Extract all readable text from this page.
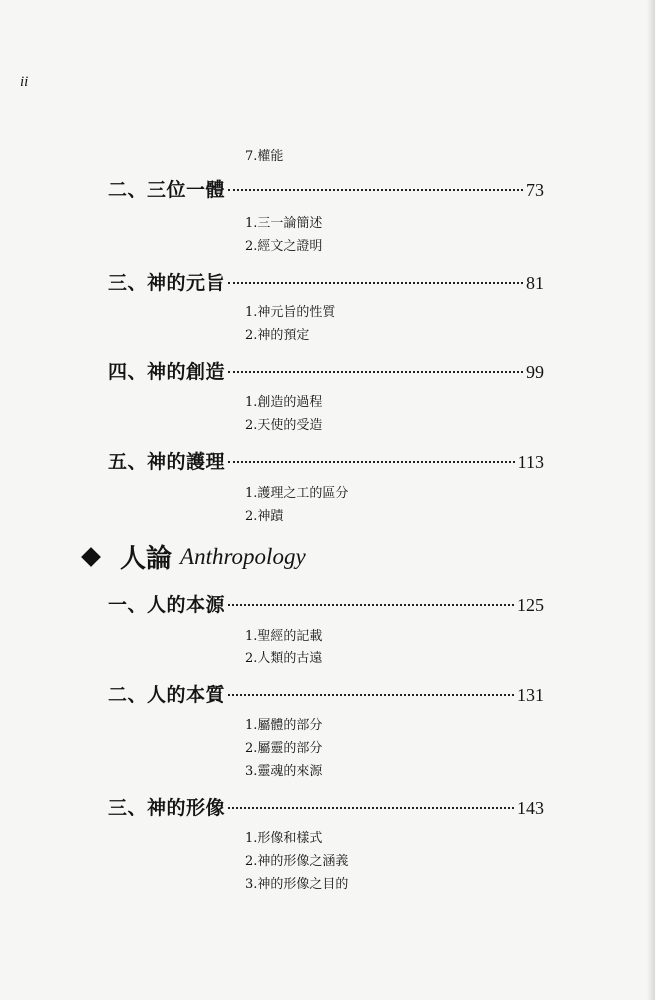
ii
7.權能
二、三位一體	73
1.三一論簡述
2.經文之證明
三、神的元旨	81
1.神元旨的性質
2.神的預定
四、神的創造	99
1.創造的過程
2.天使的受造
五、神的護理	113
1.護理之工的區分
2.神蹟
人論 Anthropology
一、人的本源	125
1.聖經的記載
2.人類的古遠
二、人的本質	131
1.屬體的部分
2.屬靈的部分
3.靈魂的來源
三、神的形像	143
1.形像和樣式
2.神的形像之涵義
3.神的形像之目的
